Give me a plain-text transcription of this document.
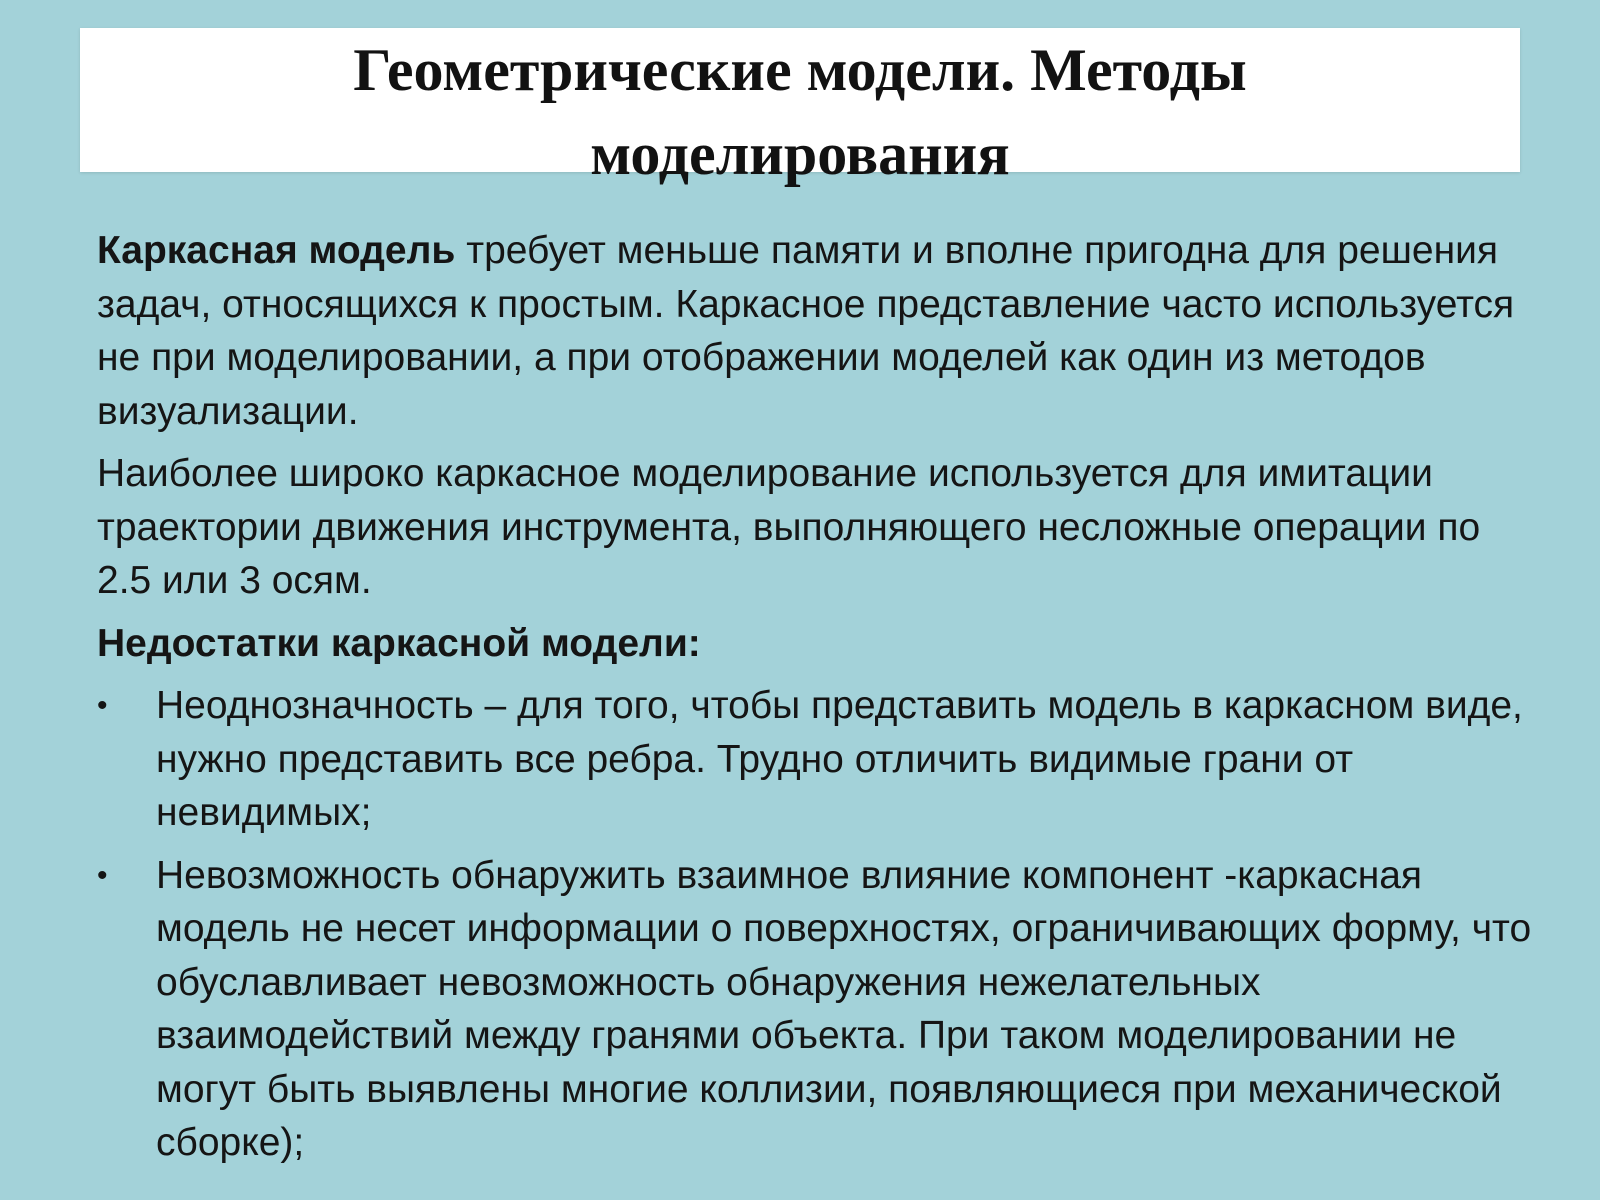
Геометрические модели. Методы
моделирования

Каркасная модель требует меньше памяти и вполне пригодна для решения задач, относящихся к простым. Каркасное представление часто используется не при моделировании, а при отображении моделей как один из методов визуализации.

Наиболее широко каркасное моделирование используется для имитации траектории движения инструмента, выполняющего несложные операции по 2.5 или 3 осям.

Недостатки каркасной модели:

• Неоднозначность – для того, чтобы представить модель в каркасном виде, нужно представить все ребра. Трудно отличить видимые грани от невидимых;
• Невозможность обнаружить взаимное влияние компонент -каркасная модель не несет информации о поверхностях, ограничивающих форму, что обуславливает невозможность обнаружения нежелательных взаимодействий между гранями объекта. При таком моделировании не могут быть выявлены многие коллизии, появляющиеся при механической сборке);
